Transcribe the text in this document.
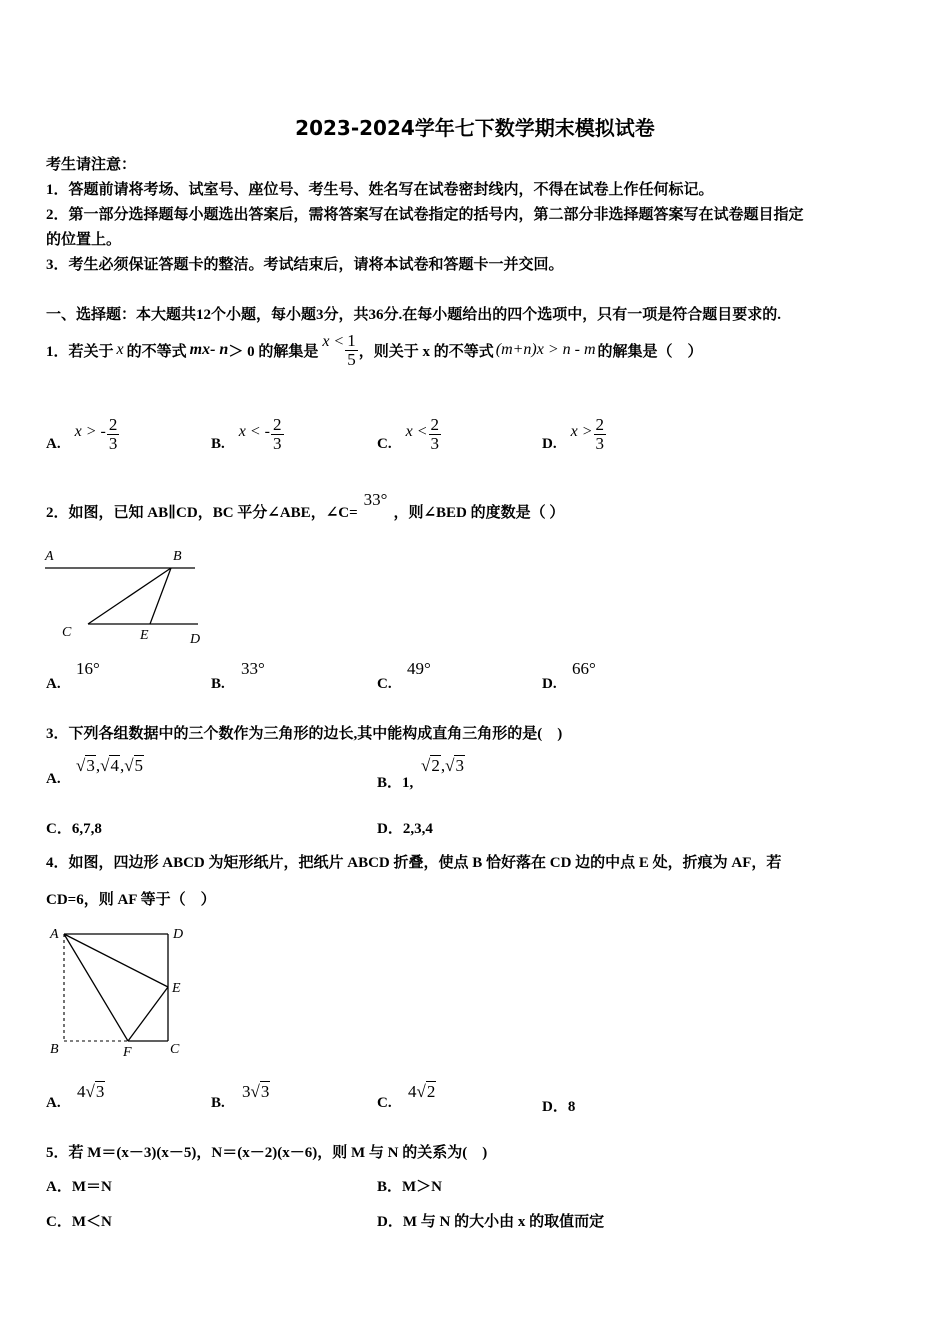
2023-2024学年七下数学期末模拟试卷
考生请注意：
1．答题前请将考场、试室号、座位号、考生号、姓名写在试卷密封线内，不得在试卷上作任何标记。
2．第一部分选择题每小题选出答案后，需将答案写在试卷指定的括号内，第二部分非选择题答案写在试卷题目指定
的位置上。
3．考生必须保证答题卡的整洁。考试结束后，请将本试卷和答题卡一并交回。
一、选择题：本大题共12个小题，每小题3分，共36分.在每小题给出的四个选项中，只有一项是符合题目要求的.
1．若关于 x 的不等式 mx- n ＞ 0 的解集是
$x < \frac{1}{5}$ ，则关于 x 的不等式 (m+n)x > n - m 的解集是（　）
A.
x > - $\frac{2}{3}$	B.
x < - $\frac{2}{3}$	C.
$x < \frac{2}{3}$	D.
$x > \frac{2}{3}$
2．如图，已知 AB∥CD，BC 平分∠ABE，∠C=
33°
，则∠BED 的度数是（ ）
A	B
C	E	D
A.
16°
B.
33°
C.
49°
D.
66°
3．下列各组数据中的三个数作为三角形的边长,其中能构成直角三角形的是(　)
A.
√3,√4,√5
B．1,
√2,√3
C．6,7,8	D．2,3,4
4．如图，四边形 ABCD 为矩形纸片，把纸片 ABCD 折叠，使点 B 恰好落在 CD 边的中点 E 处，折痕为 AF，若
CD=6，则 AF 等于（　）
A	D
E
B	F	C
A.
4√3
B.
3√3
C.
4√2
D．8
5．若 M＝(x－3)(x－5)，N＝(x－2)(x－6)，则 M 与 N 的关系为(　)
A．M＝N	B．M＞N
C．M＜N	D．M 与 N 的大小由 x 的取值而定
